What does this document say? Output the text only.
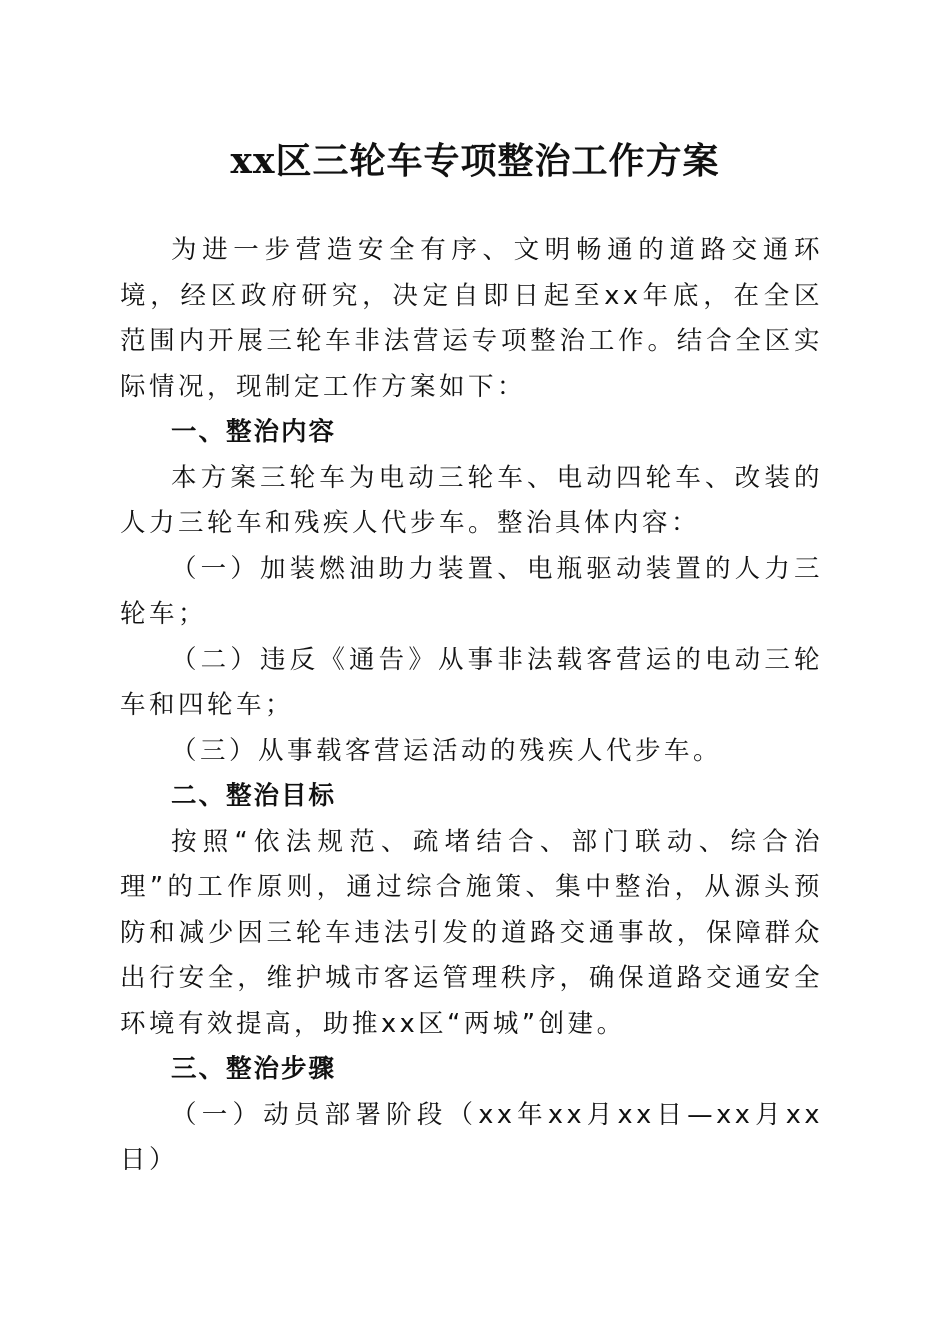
xx区三轮车专项整治工作方案

为进一步营造安全有序、文明畅通的道路交通环境，经区政府研究，决定自即日起至xx年底，在全区范围内开展三轮车非法营运专项整治工作。结合全区实际情况，现制定工作方案如下：

一、整治内容

本方案三轮车为电动三轮车、电动四轮车、改装的人力三轮车和残疾人代步车。整治具体内容：

（一）加装燃油助力装置、电瓶驱动装置的人力三轮车；

（二）违反《通告》从事非法载客营运的电动三轮车和四轮车；

（三）从事载客营运活动的残疾人代步车。

二、整治目标

按照“依法规范、疏堵结合、部门联动、综合治理”的工作原则，通过综合施策、集中整治，从源头预防和减少因三轮车违法引发的道路交通事故，保障群众出行安全，维护城市客运管理秩序，确保道路交通安全环境有效提高，助推xx区“两城”创建。

三、整治步骤

（一）动员部署阶段（xx年xx月xx日—xx月xx日）
